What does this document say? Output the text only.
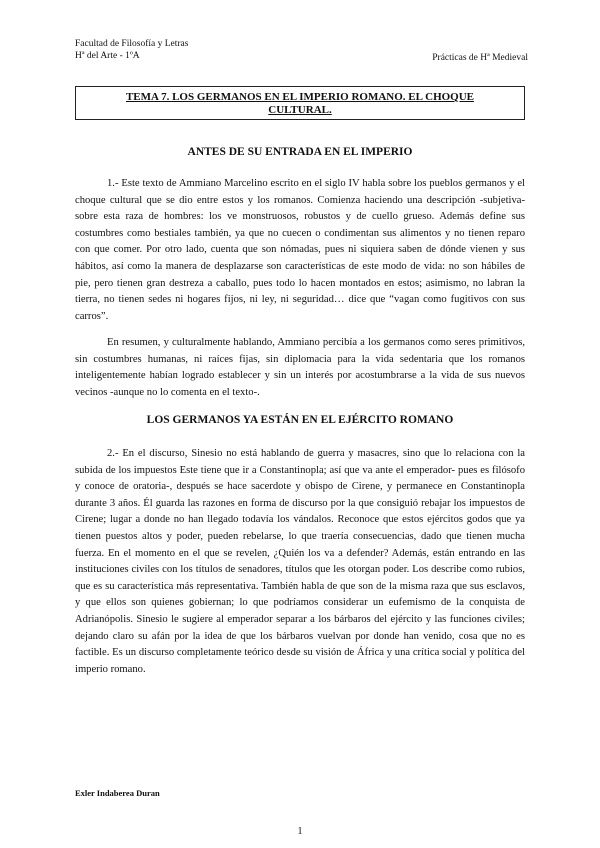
Facultad de Filosofía y Letras
Hª del Arte - 1ºA	Prácticas de Hª Medieval
TEMA 7. LOS GERMANOS EN EL IMPERIO ROMANO. EL CHOQUE
CULTURAL.
ANTES DE SU ENTRADA EN EL IMPERIO

1.- Este texto de Ammiano Marcelino escrito en el siglo IV habla sobre los pueblos germanos y el choque cultural que se dio entre estos y los romanos. Comienza haciendo una descripción -subjetiva- sobre esta raza de hombres: los ve monstruosos, robustos y de cuello grueso. Además define sus costumbres como bestiales también, ya que no cuecen o condimentan sus alimentos y no tienen reparo con que comer. Por otro lado, cuenta que son nómadas, pues ni siquiera saben de dónde vienen y sus hábitos, así como la manera de desplazarse son características de este modo de vida: no son hábiles de pie, pero tienen gran destreza a caballo, pues todo lo hacen montados en estos; asimismo, no labran la tierra, no tienen sedes ni hogares fijos, ni ley, ni seguridad… dice que “vagan como fugitivos con sus carros”.

En resumen, y culturalmente hablando, Ammiano percibía a los germanos como seres primitivos, sin costumbres humanas, ni raíces fijas, sin diplomacia para la vida sedentaria que los romanos inteligentemente habían logrado establecer y sin un interés por acostumbrarse a la vida de sus nuevos vecinos -aunque no lo comenta en el texto-.

LOS GERMANOS YA ESTÁN EN EL EJÉRCITO ROMANO

2.- En el discurso, Sinesio no está hablando de guerra y masacres, sino que lo relaciona con la subida de los impuestos Este tiene que ir a Constantinopla; así que va ante el emperador- pues es filósofo y conoce de oratoria-, después se hace sacerdote y obispo de Cirene, y permanece en Constantinopla durante 3 años. Él guarda las razones en forma de discurso por la que consiguió rebajar los impuestos de Cirene; lugar a donde no han llegado todavía los vándalos. Reconoce que estos ejércitos godos que ya tienen puestos altos y poder, pueden rebelarse, lo que traería consecuencias, dado que tienen mucha fuerza. En el momento en el que se revelen, ¿Quién los va a defender? Además, están entrando en las instituciones civiles con los títulos de senadores, títulos que les otorgan poder. Los describe como rubios, que es su característica más representativa. También habla de que son de la misma raza que sus esclavos, y que ellos son quienes gobiernan; lo que podríamos considerar un eufemismo de la conquista de Adrianópolis. Sinesio le sugiere al emperador separar a los bárbaros del ejército y las funciones civiles; dejando claro su afán por la idea de que los bárbaros vuelvan por donde han venido, cosa que no es factible. Es un discurso completamente teórico desde su visión de África y una crítica social y política del imperio romano.

Exler Indaberea Duran
1
